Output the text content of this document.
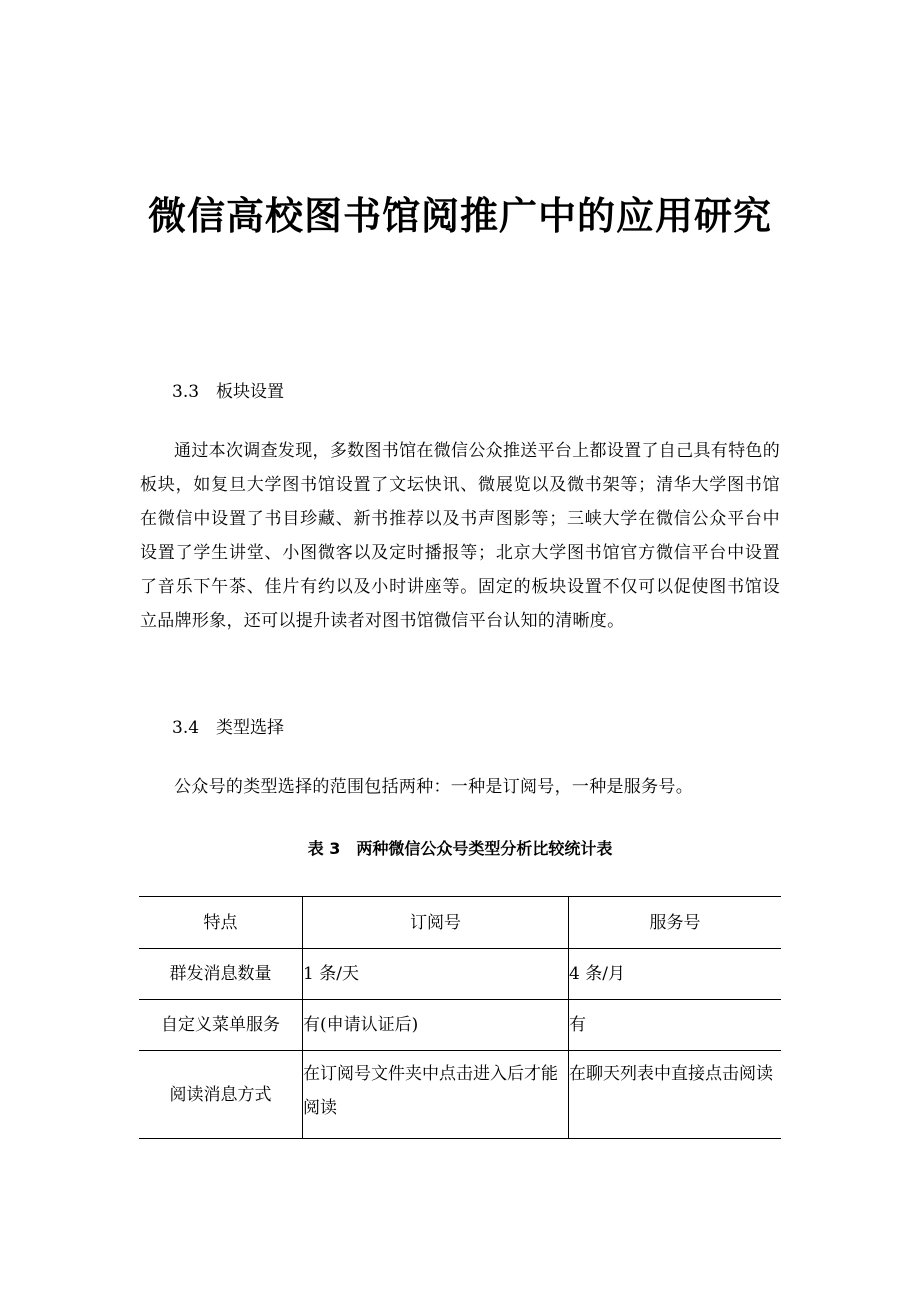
微信高校图书馆阅推广中的应用研究
3.3　板块设置
通过本次调查发现，多数图书馆在微信公众推送平台上都设置了自己具有特色的板块，如复旦大学图书馆设置了文坛快讯、微展览以及微书架等；清华大学图书馆在微信中设置了书目珍藏、新书推荐以及书声图影等；三峡大学在微信公众平台中设置了学生讲堂、小图微客以及定时播报等；北京大学图书馆官方微信平台中设置了音乐下午茶、佳片有约以及小时讲座等。固定的板块设置不仅可以促使图书馆设立品牌形象，还可以提升读者对图书馆微信平台认知的清晰度。
3.4　类型选择
公众号的类型选择的范围包括两种：一种是订阅号，一种是服务号。
表 3　两种微信公众号类型分析比较统计表
特点	订阅号	服务号
群发消息数量	1 条/天	4 条/月
自定义菜单服务	有(申请认证后)	有
阅读消息方式	在订阅号文件夹中点击进入后才能阅读	在聊天列表中直接点击阅读
